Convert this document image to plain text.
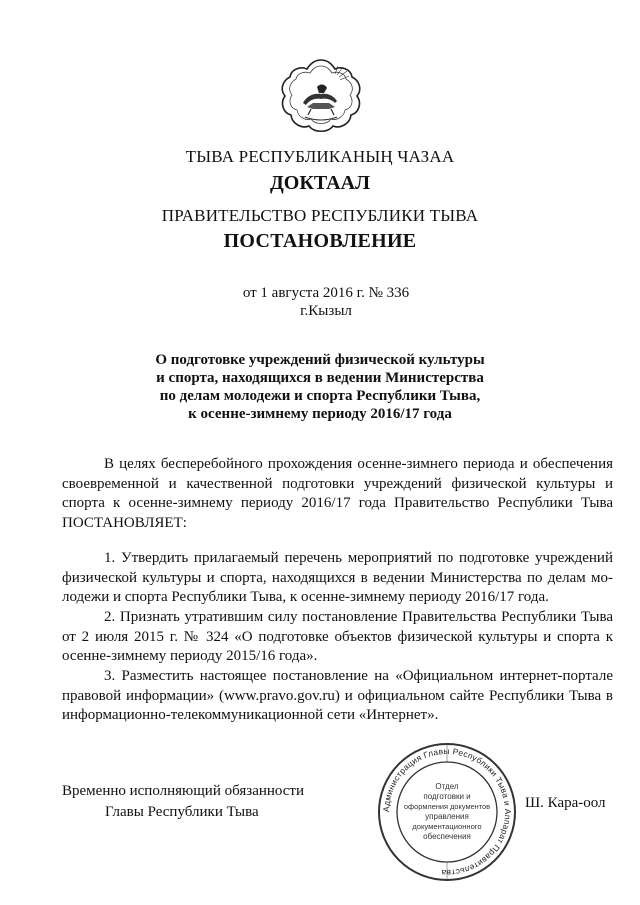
ТЫВА РЕСПУБЛИКАНЫҢ ЧАЗАА
ДОКТААЛ
ПРАВИТЕЛЬСТВО РЕСПУБЛИКИ ТЫВА
ПОСТАНОВЛЕНИЕ
от 1 августа 2016 г. № 336
г.Кызыл
О подготовке учреждений физической культуры
и спорта, находящихся в ведении Министерства
по делам молодежи и спорта Республики Тыва,
к осенне-зимнему периоду 2016/17 года
В целях бесперебойного прохождения осенне-зимнего периода и обеспечения
своевременной и качественной подготовки учреждений физической культуры и
спорта к осенне-зимнему периоду 2016/17 года Правительство Республики Тыва
ПОСТАНОВЛЯЕТ:
1. Утвердить прилагаемый перечень мероприятий по подготовке учреждений
физической культуры и спорта, находящихся в ведении Министерства по делам мо-
лодежи и спорта Республики Тыва, к осенне-зимнему периоду 2016/17 года.
2. Признать утратившим силу постановление Правительства Республики Тыва
от 2 июля 2015 г. № 324 «О подготовке объектов физической культуры и спорта к
осенне-зимнему периоду 2015/16 года».
3. Разместить настоящее постановление на «Официальном интернет-портале
правовой информации» (www.pravo.gov.ru) и официальном сайте Республики Тыва в
информационно-телекоммуникационной сети «Интернет».
Временно исполняющий обязанности
Главы Республики Тыва
Ш. Кара-оол
Администрация Главы Республики Тыва и Аппарат Правительства
Отдел
подготовки и
оформления документов
управления
документационного
обеспечения
